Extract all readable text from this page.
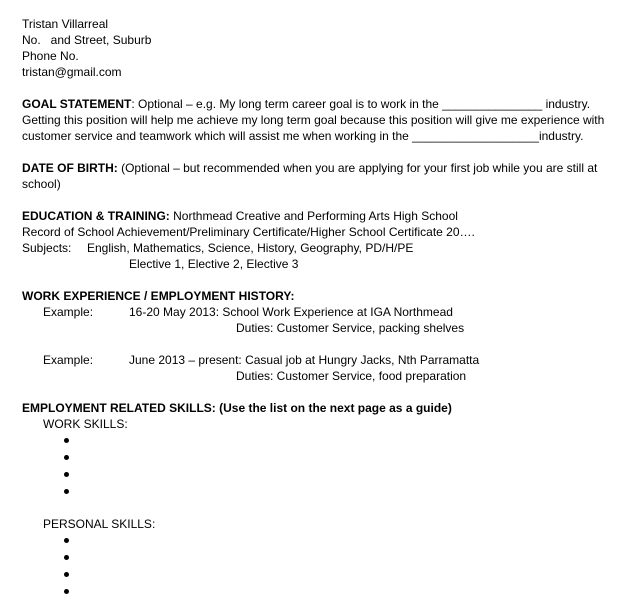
Tristan Villarreal
No.   and Street, Suburb
Phone No.
tristan@gmail.com
GOAL STATEMENT: Optional – e.g. My long term career goal is to work in the _______________ industry. Getting this position will help me achieve my long term goal because this position will give me experience with customer service and teamwork which will assist me when working in the ___________________industry.
DATE OF BIRTH: (Optional – but recommended when you are applying for your first job while you are still at school)
EDUCATION & TRAINING: Northmead Creative and Performing Arts High School
Record of School Achievement/Preliminary Certificate/Higher School Certificate 20….
Subjects: English, Mathematics, Science, History, Geography, PD/H/PE
Elective 1, Elective 2, Elective 3
WORK EXPERIENCE / EMPLOYMENT HISTORY:
Example:	16-20 May 2013: School Work Experience at IGA Northmead
Duties: Customer Service, packing shelves
Example:	June 2013 – present: Casual job at Hungry Jacks, Nth Parramatta
Duties: Customer Service, food preparation
EMPLOYMENT RELATED SKILLS: (Use the list on the next page as a guide)
WORK SKILLS:
PERSONAL SKILLS:
